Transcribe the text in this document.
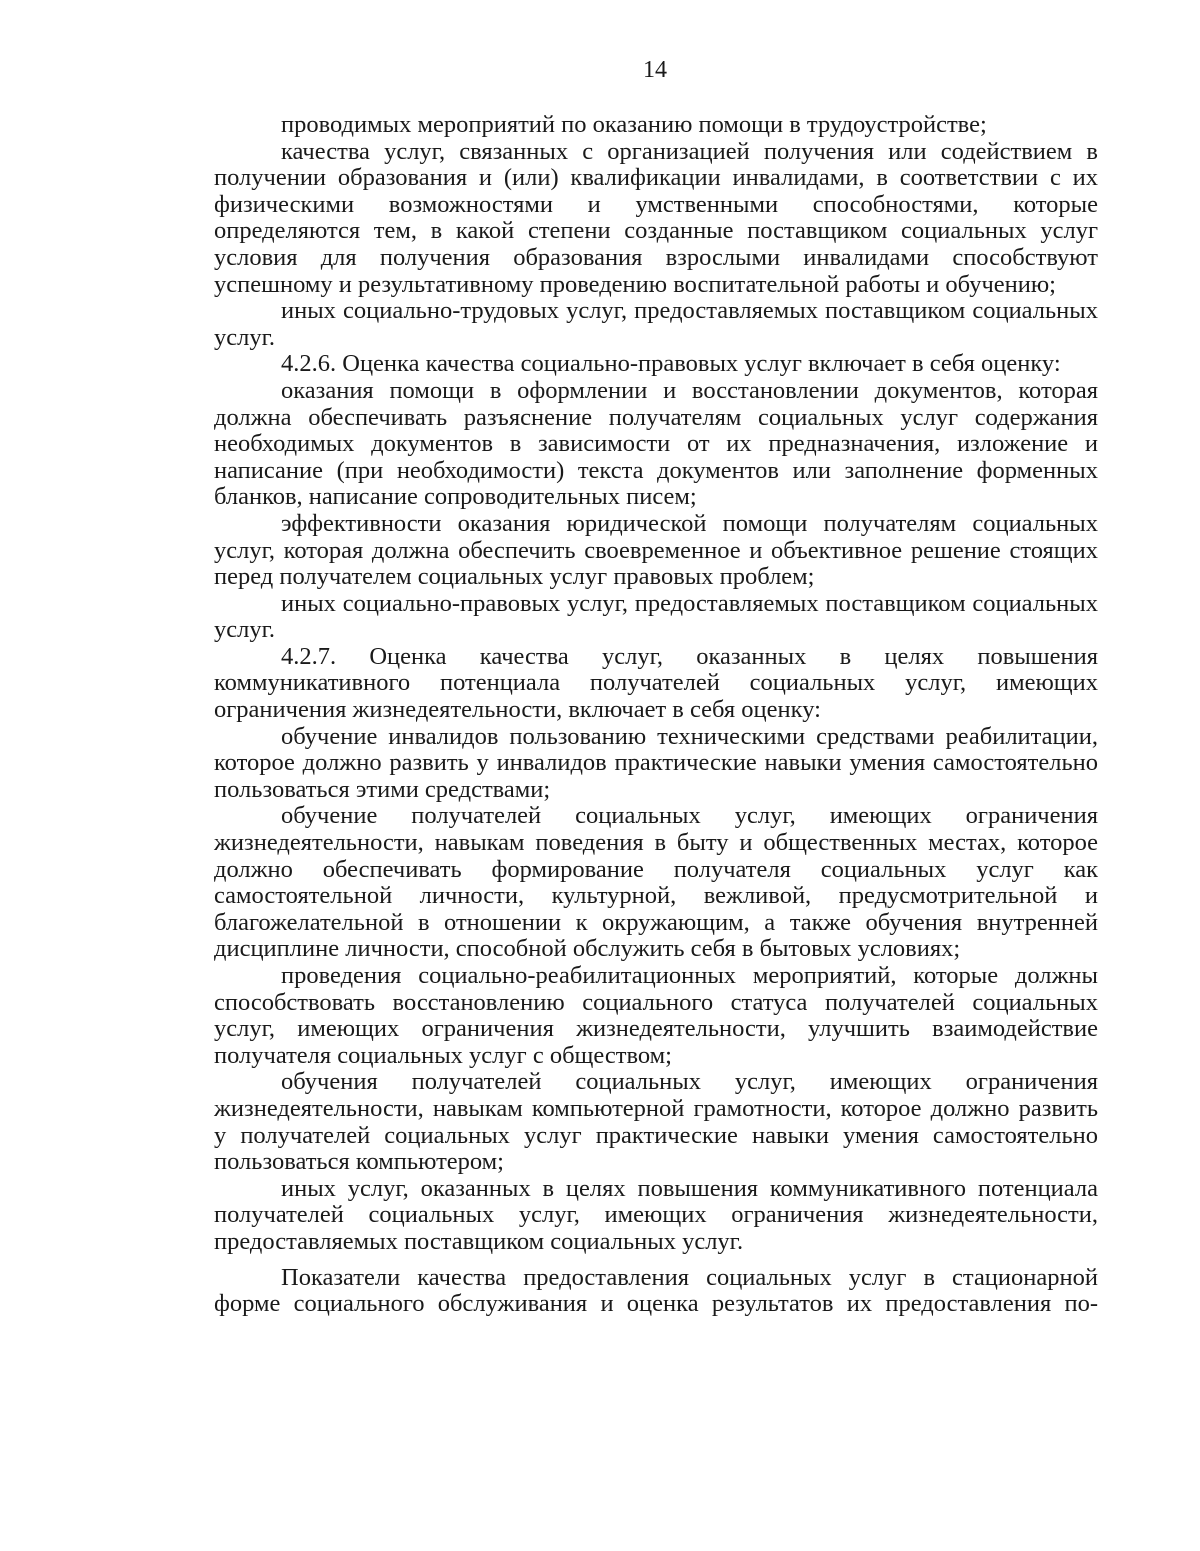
14

проводимых мероприятий по оказанию помощи в трудоустройстве;

качества услуг, связанных с организацией получения или содействием в получении образования и (или) квалификации инвалидами, в соответствии с их физическими возможностями и умственными способностями, которые определяются тем, в какой степени созданные поставщиком социальных услуг условия для получения образования взрослыми инвалидами способствуют успешному и результативному проведению воспитательной работы и обучению;

иных социально-трудовых услуг, предоставляемых поставщиком социальных услуг.

4.2.6. Оценка качества социально-правовых услуг включает в себя оценку:

оказания помощи в оформлении и восстановлении документов, которая должна обеспечивать разъяснение получателям социальных услуг содержания необходимых документов в зависимости от их предназначения, изложение и написание (при необходимости) текста документов или заполнение форменных бланков, написание сопроводительных писем;

эффективности оказания юридической помощи получателям социальных услуг, которая должна обеспечить своевременное и объективное решение стоящих перед получателем социальных услуг правовых проблем;

иных социально-правовых услуг, предоставляемых поставщиком социальных услуг.

4.2.7. Оценка качества услуг, оказанных в целях повышения коммуникативного потенциала получателей социальных услуг, имеющих ограничения жизнедеятельности, включает в себя оценку:

обучение инвалидов пользованию техническими средствами реабилитации, которое должно развить у инвалидов практические навыки умения самостоятельно пользоваться этими средствами;

обучение получателей социальных услуг, имеющих ограничения жизнедеятельности, навыкам поведения в быту и общественных местах, которое должно обеспечивать формирование получателя социальных услуг как самостоятельной личности, культурной, вежливой, предусмотрительной и благожелательной в отношении к окружающим, а также обучения внутренней дисциплине личности, способной обслужить себя в бытовых условиях;

проведения социально-реабилитационных мероприятий, которые должны способствовать восстановлению социального статуса получателей социальных услуг, имеющих ограничения жизнедеятельности, улучшить взаимодействие получателя социальных услуг с обществом;

обучения получателей социальных услуг, имеющих ограничения жизнедеятельности, навыкам компьютерной грамотности, которое должно развить у получателей социальных услуг практические навыки умения самостоятельно пользоваться компьютером;

иных услуг, оказанных в целях повышения коммуникативного потенциала получателей социальных услуг, имеющих ограничения жизнедеятельности, предоставляемых поставщиком социальных услуг.

Показатели качества предоставления социальных услуг в стационарной форме социального обслуживания и оценка результатов их предоставления по-
